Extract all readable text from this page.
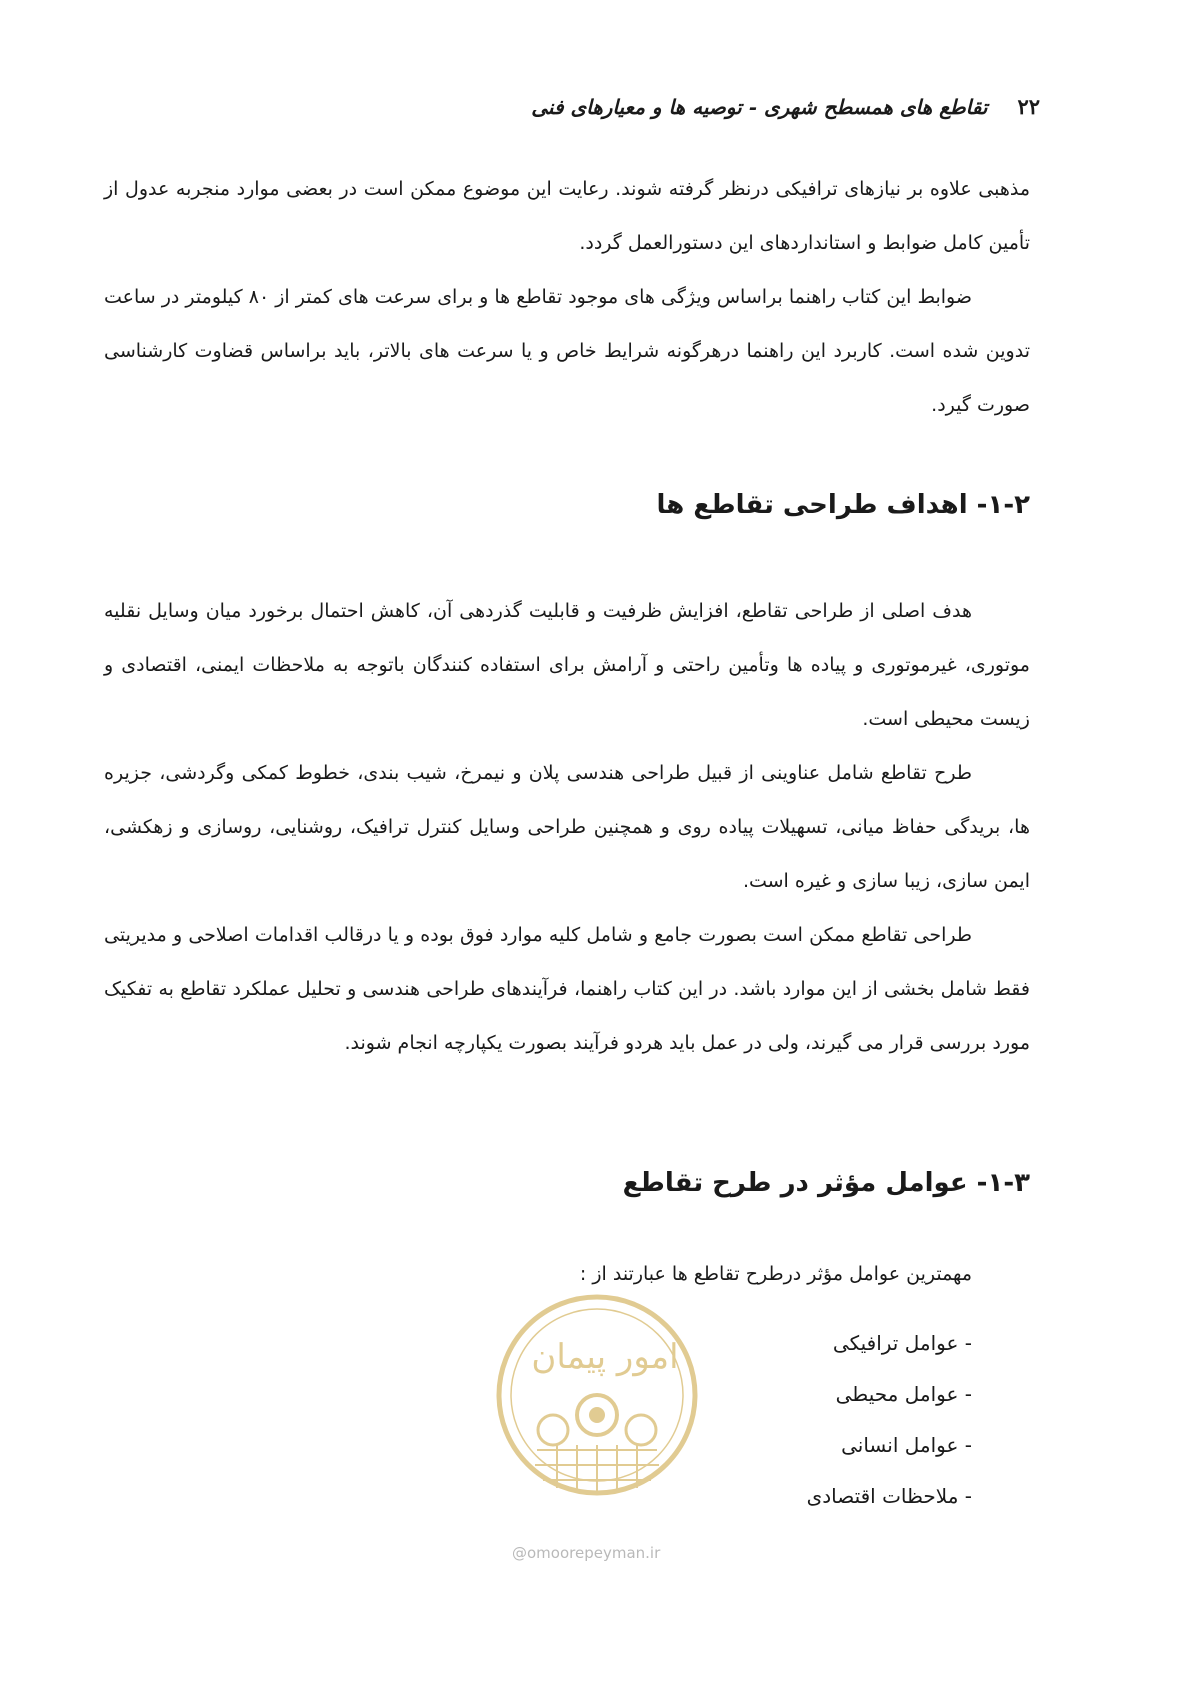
۲۲
تقاطع های همسطح شهری - توصیه ها و معیارهای فنی

مذهبی علاوه بر نیازهای ترافیکی درنظر گرفته شوند. رعایت این موضوع ممکن است در بعضی موارد منجربه عدول از تأمین کامل ضوابط و استانداردهای این دستورالعمل گردد.

ضوابط این کتاب راهنما براساس ویژگی های موجود تقاطع ها و برای سرعت های کمتر از ۸۰ کیلومتر در ساعت تدوین شده است. کاربرد این راهنما درهرگونه شرایط خاص و یا سرعت های بالاتر، باید براساس قضاوت کارشناسی صورت گیرد.

۱-۲- اهداف طراحی تقاطع ها

هدف اصلی از طراحی تقاطع، افزایش ظرفیت و قابلیت گذردهی آن، کاهش احتمال برخورد میان وسایل نقلیه موتوری، غیرموتوری و پیاده ها وتأمین راحتی و آرامش برای استفاده کنندگان باتوجه به ملاحظات ایمنی، اقتصادی و زیست محیطی است.

طرح تقاطع شامل عناوینی از قبیل طراحی هندسی پلان و نیمرخ، شیب بندی، خطوط کمکی وگردشی، جزیره ها، بریدگی حفاظ میانی، تسهیلات پیاده روی و همچنین طراحی وسایل کنترل ترافیک، روشنایی، روسازی و زهکشی، ایمن سازی، زیبا سازی و غیره است.

طراحی تقاطع ممکن است بصورت جامع و شامل کلیه موارد فوق بوده و یا درقالب اقدامات اصلاحی و مدیریتی فقط شامل بخشی از این موارد باشد. در این کتاب راهنما، فرآیندهای طراحی هندسی و تحلیل عملکرد تقاطع به تفکیک مورد بررسی قرار می گیرند، ولی در عمل باید هردو فرآیند بصورت یکپارچه انجام شوند.

۱-۳- عوامل مؤثر در طرح تقاطع
مهمترین عوامل مؤثر درطرح تقاطع ها عبارتند از :
- عوامل ترافیکی
- عوامل محیطی
- عوامل انسانی
- ملاحظات اقتصادی
امور پیمان
@omoorepeyman.ir
